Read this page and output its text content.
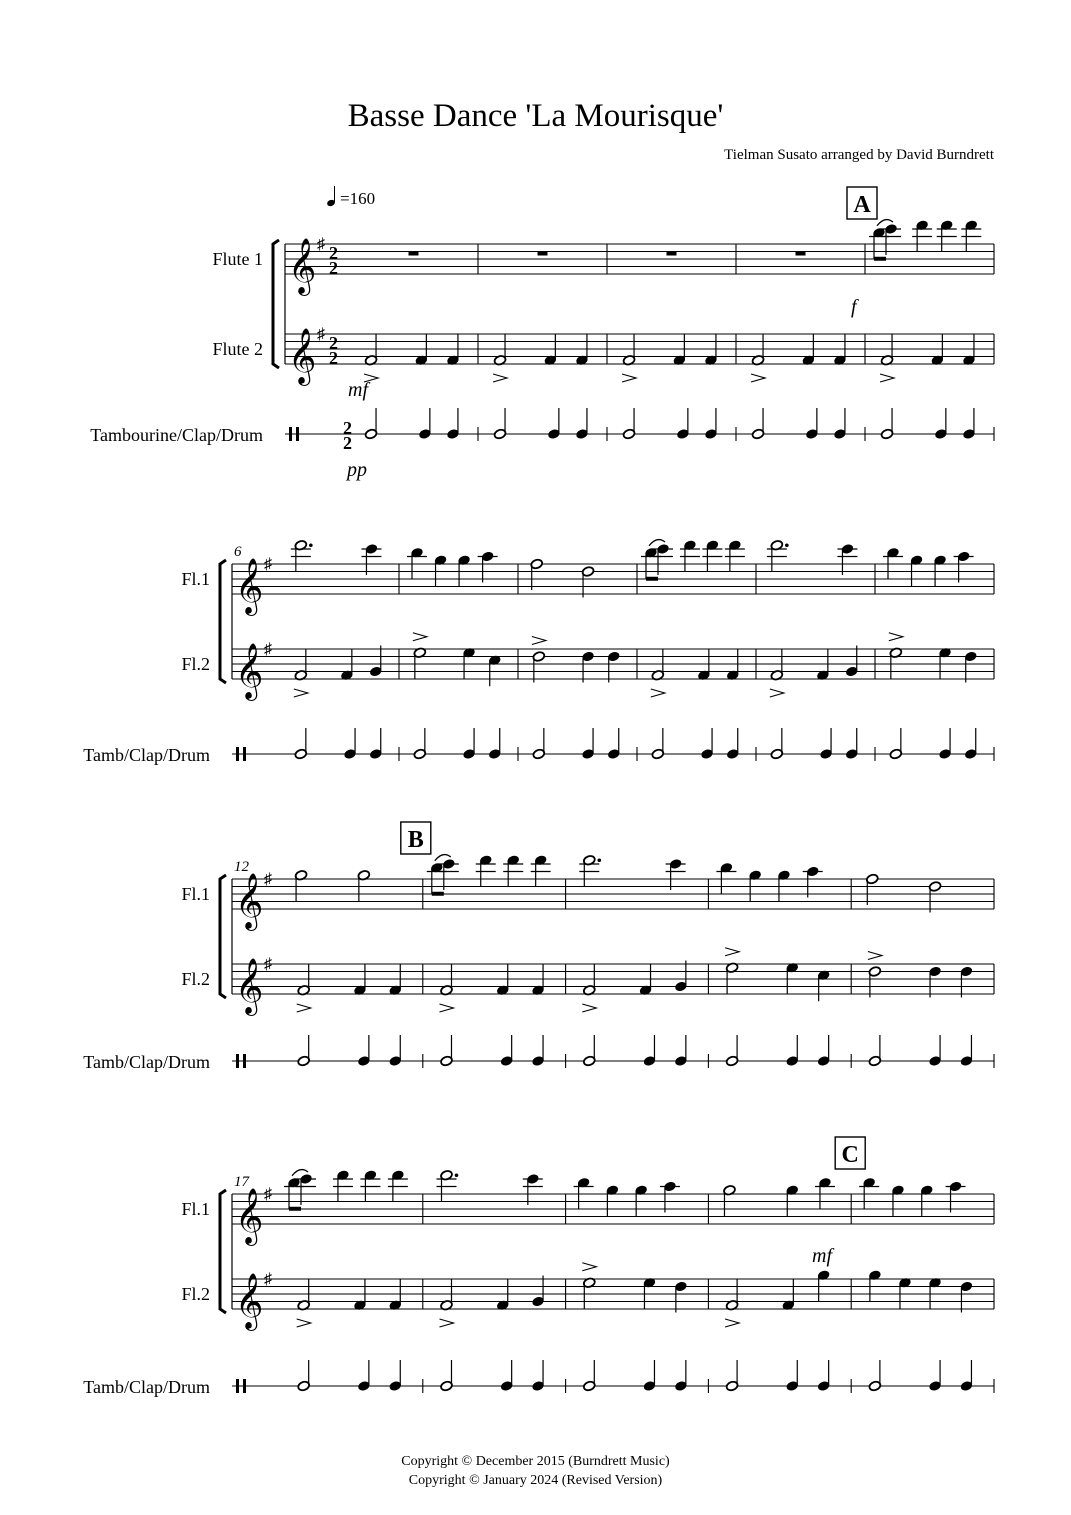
Basse Dance 'La Mourisque'
Tielman Susato arranged by David Burndrett
𝄞
𝄞
♯
♯
2
2
2
2
2
2
A
Flute 1
Flute 2
Tambourine/Clap/Drum
𝄞
𝄞
♯
♯
Fl.1
Fl.2
Tamb/Clap/Drum
6
𝄞
𝄞
♯
♯
B
Fl.1
Fl.2
Tamb/Clap/Drum
12
𝄞
𝄞
♯
♯
C
Fl.1
Fl.2
Tamb/Clap/Drum
17
=160
f
mf
pp
mf
Copyright © December 2015 (Burndrett Music)
Copyright © January 2024 (Revised Version)
